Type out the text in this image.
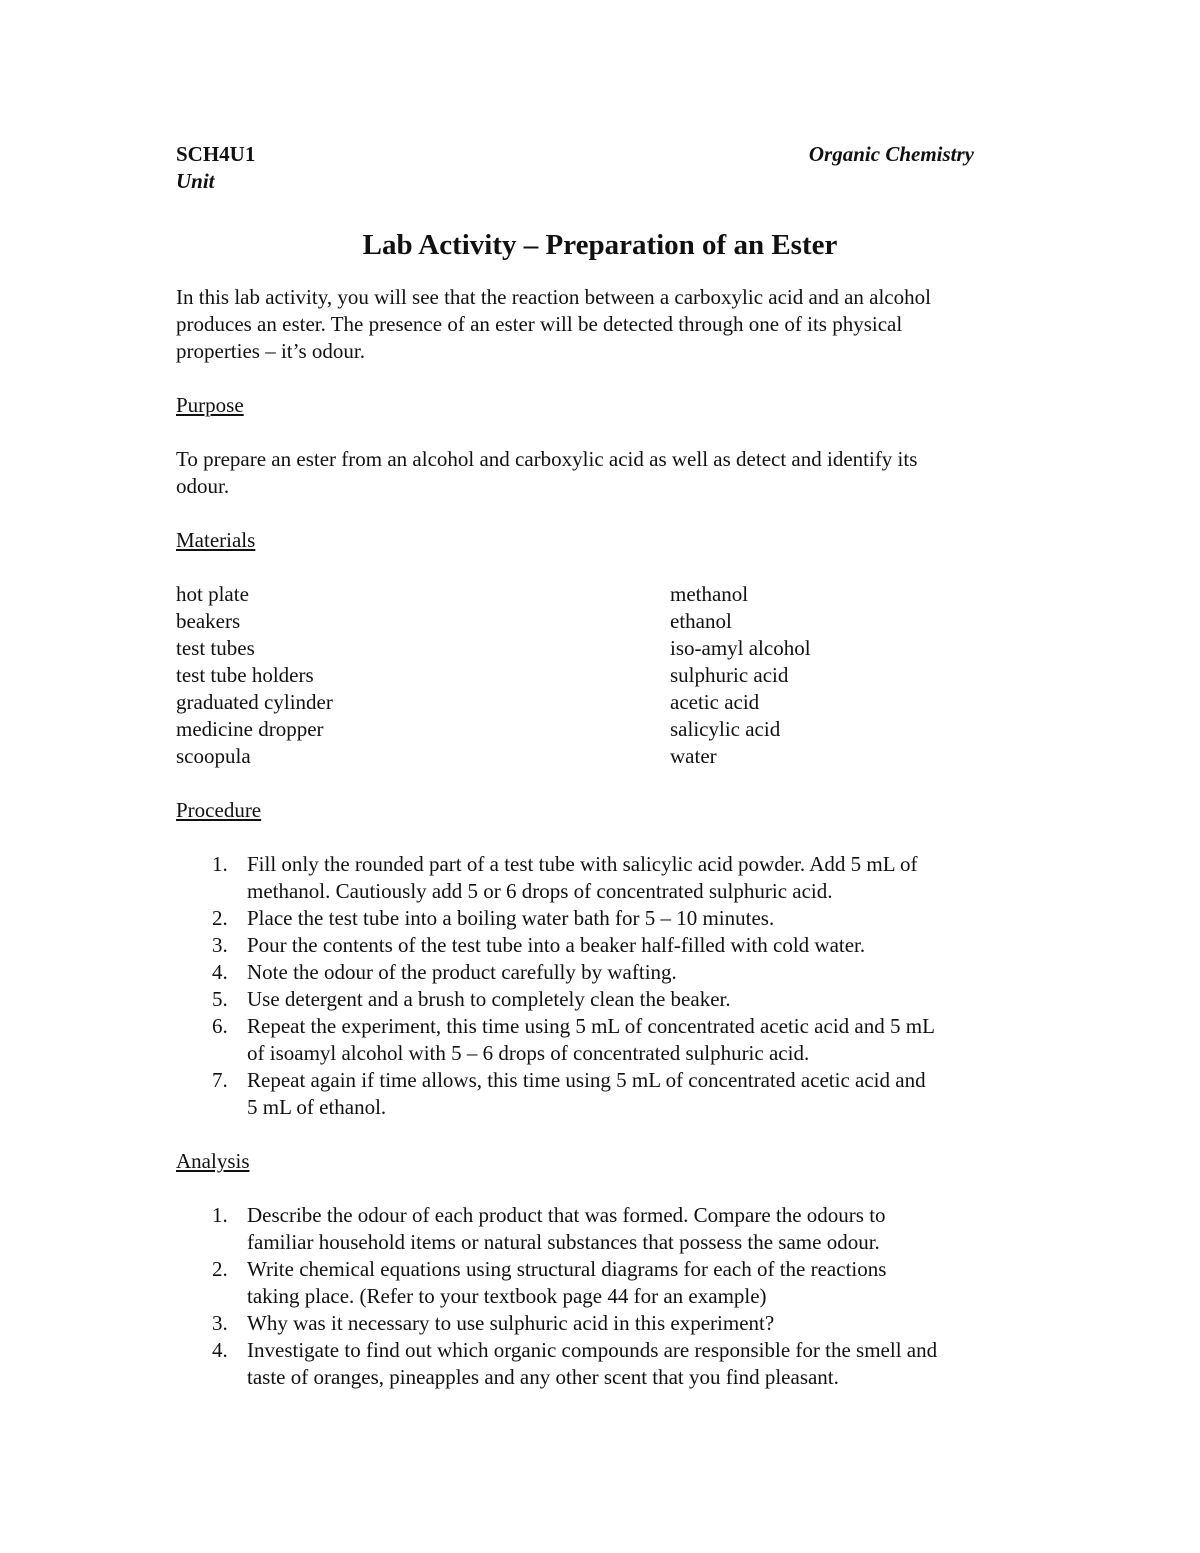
SCH4U1	Organic Chemistry
Unit
Lab Activity – Preparation of an Ester
In this lab activity, you will see that the reaction between a carboxylic acid and an alcohol
produces an ester. The presence of an ester will be detected through one of its physical
properties – it’s odour.
Purpose
To prepare an ester from an alcohol and carboxylic acid as well as detect and identify its
odour.
Materials
hot plate
beakers
test tubes
test tube holders
graduated cylinder
medicine dropper
scoopula
methanol
ethanol
iso-amyl alcohol
sulphuric acid
acetic acid
salicylic acid
water
Procedure
1. Fill only the rounded part of a test tube with salicylic acid powder. Add 5 mL of
methanol. Cautiously add 5 or 6 drops of concentrated sulphuric acid.
2. Place the test tube into a boiling water bath for 5 – 10 minutes.
3. Pour the contents of the test tube into a beaker half-filled with cold water.
4. Note the odour of the product carefully by wafting.
5. Use detergent and a brush to completely clean the beaker.
6. Repeat the experiment, this time using 5 mL of concentrated acetic acid and 5 mL
of isoamyl alcohol with 5 – 6 drops of concentrated sulphuric acid.
7. Repeat again if time allows, this time using 5 mL of concentrated acetic acid and
5 mL of ethanol.
Analysis
1. Describe the odour of each product that was formed. Compare the odours to
familiar household items or natural substances that possess the same odour.
2. Write chemical equations using structural diagrams for each of the reactions
taking place. (Refer to your textbook page 44 for an example)
3. Why was it necessary to use sulphuric acid in this experiment?
4. Investigate to find out which organic compounds are responsible for the smell and
taste of oranges, pineapples and any other scent that you find pleasant.
